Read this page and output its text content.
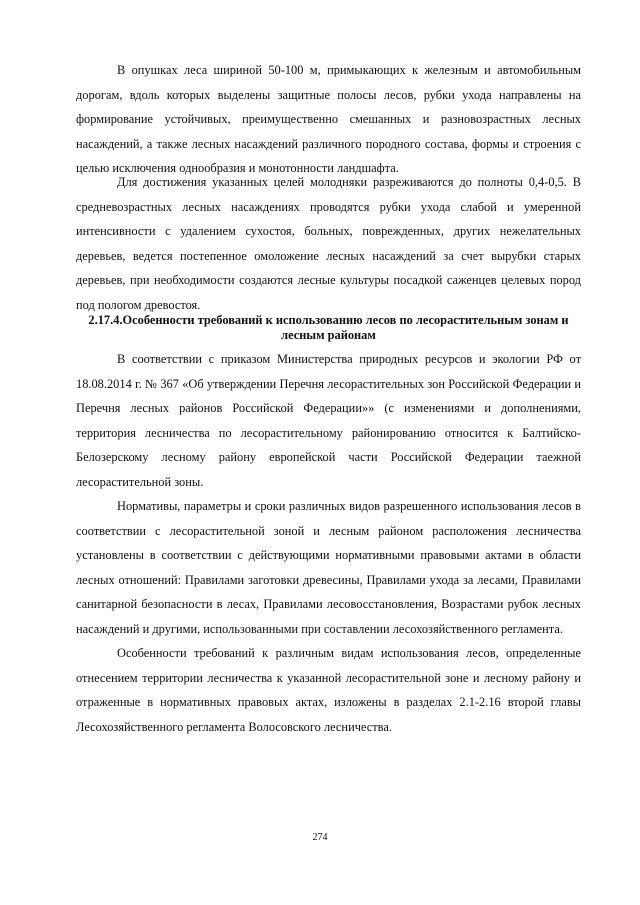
В опушках леса шириной 50-100 м, примыкающих к железным и автомобильным дорогам, вдоль которых выделены защитные полосы лесов, рубки ухода направлены на формирование устойчивых, преимущественно смешанных и разновозрастных лесных насаждений, а также лесных насаждений различного породного состава, формы и строения с целью исключения однообразия и монотонности ландшафта.

Для достижения указанных целей молодняки разреживаются до полноты 0,4-0,5. В средневозрастных лесных насаждениях проводятся рубки ухода слабой и умеренной интенсивности с удалением сухостоя, больных, поврежденных, других нежелательных деревьев, ведется постепенное омоложение лесных насаждений за счет вырубки старых деревьев, при необходимости создаются лесные культуры посадкой саженцев целевых пород под пологом древостоя.

2.17.4.Особенности требований к использованию лесов по лесорастительным зонам и лесным районам

В соответствии с приказом Министерства природных ресурсов и экологии РФ от 18.08.2014 г. № 367 «Об утверждении Перечня лесорастительных зон Российской Федерации и Перечня лесных районов Российской Федерации»» (с изменениями и дополнениями, территория лесничества по лесорастительному районированию относится к Балтийско-Белозерскому лесному району европейской части Российской Федерации таежной лесорастительной зоны.

Нормативы, параметры и сроки различных видов разрешенного использования лесов в соответствии с лесорастительной зоной и лесным районом расположения лесничества установлены в соответствии с действующими нормативными правовыми актами в области лесных отношений: Правилами заготовки древесины, Правилами ухода за лесами, Правилами санитарной безопасности в лесах, Правилами лесовосстановления, Возрастами рубок лесных насаждений и другими, использованными при составлении лесохозяйственного регламента.

Особенности требований к различным видам использования лесов, определенные отнесением территории лесничества к указанной лесорастительной зоне и лесному району и отраженные в нормативных правовых актах, изложены в разделах 2.1-2.16 второй главы Лесохозяйственного регламента Волосовского лесничества.

274
